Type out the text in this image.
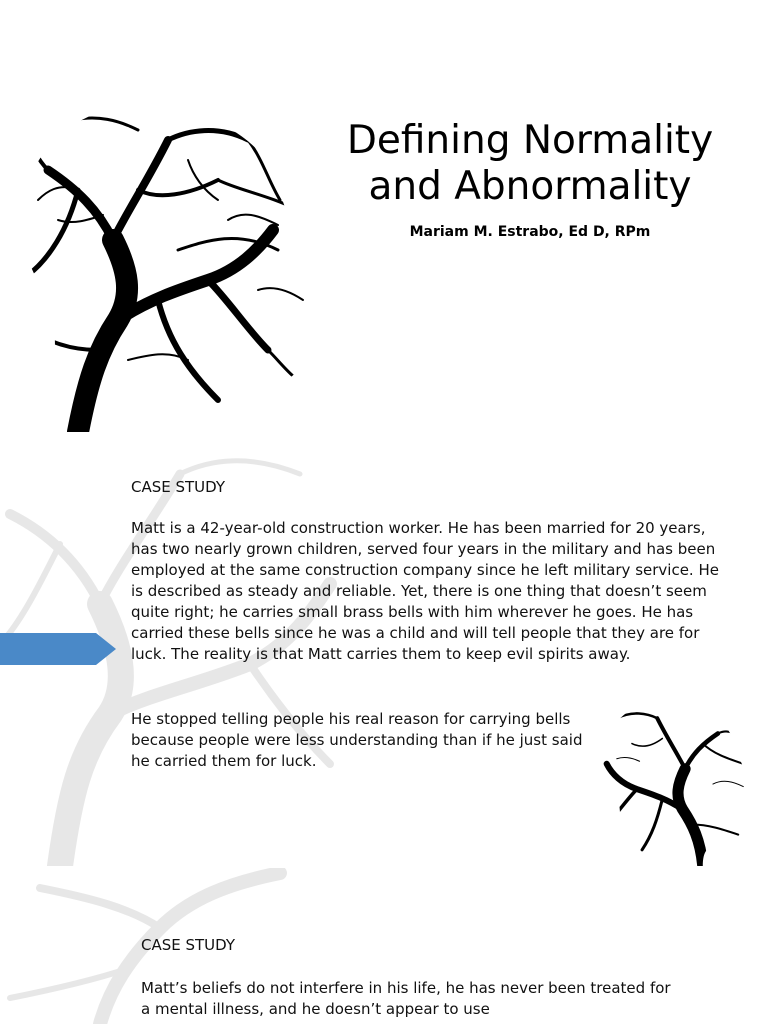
Defining Normality
and Abnormality
Mariam M. Estrabo, Ed D, RPm
CASE STUDY

Matt is a 42-year-old construction worker. He has been married for 20 years, has two nearly grown children, served four years in the military and has been employed at the same construction company since he left military service. He is described as steady and reliable. Yet, there is one thing that doesn’t seem quite right; he carries small brass bells with him wherever he goes. He has carried these bells since he was a child and will tell people that they are for luck. The reality is that Matt carries them to keep evil spirits away.

He stopped telling people his real reason for carrying bells because people were less understanding than if he just said he carried them for luck.

CASE STUDY

Matt’s beliefs do not interfere in his life, he has never been treated for a mental illness, and he doesn’t appear to use
